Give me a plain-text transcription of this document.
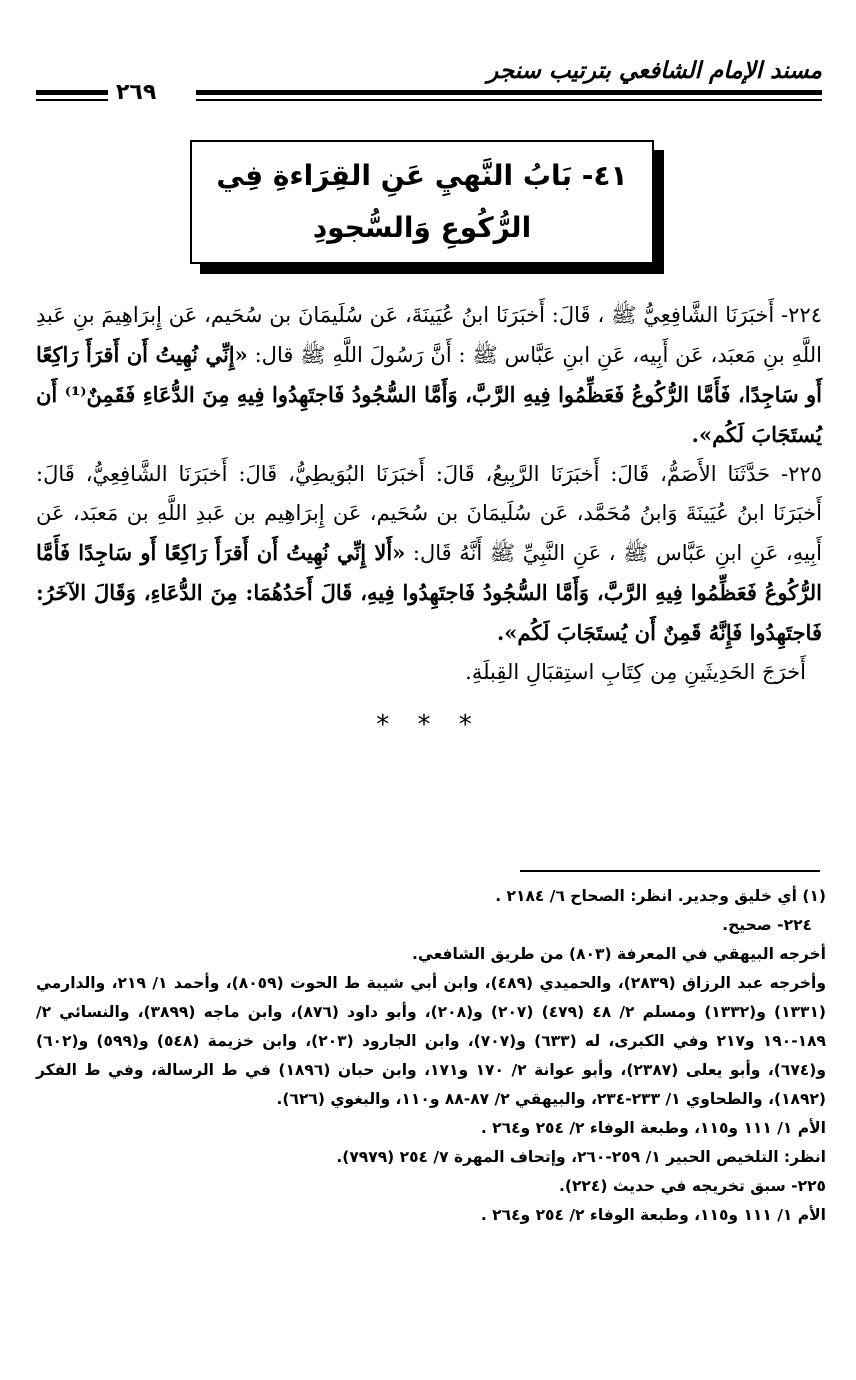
مسند الإمام الشافعي بترتيب سنجر
٢٦٩
٤١- بَابُ النَّهيِ عَنِ القِرَاءةِ فِي الرُّكُوعِ وَالسُّجودِ

٢٢٤- أَخبَرَنَا الشَّافِعِيُّ ﷺ ، قَالَ: أَخبَرَنَا ابنُ عُيَينَةَ، عَن سُلَيمَانَ بن سُحَيم، عَن إِبرَاهِيمَ بنِ عَبدِ اللَّهِ بنِ مَعبَد، عَن أَبِيه، عَنِ ابنِ عَبَّاس ﷺ : أَنَّ رَسُولَ اللَّهِ ﷺ قال: «إِنِّي نُهِيتُ أَن أَقرَأَ رَاكِعًا أَو سَاجِدًا، فَأَمَّا الرُّكُوعُ فَعَظِّمُوا فِيهِ الرَّبَّ، وَأَمَّا السُّجُودُ فَاجتَهِدُوا فِيهِ مِنَ الدُّعَاءِ فَقَمِنٌ⁽¹⁾ أَن يُستَجَابَ لَكُم».

٢٢٥- حَدَّثَنَا الأَصَمُّ، قَالَ: أَخبَرَنَا الرَّبِيعُ، قَالَ: أَخبَرَنَا البُوَيطِيُّ، قَالَ: أَخبَرَنَا الشَّافِعِيُّ، قَالَ: أَخبَرَنَا ابنُ عُيَينَةَ وَابنُ مُحَمَّد، عَن سُلَيمَانَ بن سُحَيم، عَن إِبرَاهِيم بن عَبدِ اللَّهِ بن مَعبَد، عَن أَبِيهِ، عَنِ ابنِ عَبَّاس ﷺ ، عَنِ النَّبِيِّ ﷺ أَنَّهُ قَال: «أَلا إِنِّي نُهِيتُ أَن أَقرَأَ رَاكِعًا أَو سَاجِدًا فَأَمَّا الرُّكُوعُ فَعَظِّمُوا فِيهِ الرَّبَّ، وَأَمَّا السُّجُودُ فَاجتَهِدُوا فِيهِ، قَالَ أَحَدُهُمَا: مِنَ الدُّعَاءِ، وَقَالَ الآخَرُ: فَاجتَهِدُوا فَإِنَّهُ قَمِنٌ أَن يُستَجَابَ لَكُم».

أَخرَجَ الحَدِيثَينِ مِن كِتَابِ استِقبَالِ القِبلَةِ.

* * *

(١) أي خليق وجدير. انظر: الصحاح ٦/ ٢١٨٤ .

٢٢٤- صحيح.

أخرجه البيهقي في المعرفة (٨٠٣) من طريق الشافعي.

وأخرجه عبد الرزاق (٢٨٣٩)، والحميدي (٤٨٩)، وابن أبي شيبة ط الحوت (٨٠٥٩)، وأحمد ١/ ٢١٩، والدارمي (١٣٣١) و(١٣٣٢) ومسلم ٢/ ٤٨ (٤٧٩) (٢٠٧) و(٢٠٨)، وأبو داود (٨٧٦)، وابن ماجه (٣٨٩٩)، والنسائي ٢/ ١٨٩-١٩٠ و٢١٧ وفي الكبرى، له (٦٣٣) و(٧٠٧)، وابن الجارود (٢٠٣)، وابن خزيمة (٥٤٨) و(٥٩٩) و(٦٠٢) و(٦٧٤)، وأبو يعلى (٢٣٨٧)، وأبو عوانة ٢/ ١٧٠ و١٧١، وابن حبان (١٨٩٦) في ط الرسالة، وفي ط الفكر (١٨٩٢)، والطحاوي ١/ ٢٣٣-٢٣٤، والبيهقي ٢/ ٨٧-٨٨ و١١٠، والبغوي (٦٢٦).

الأم ١/ ١١١ و١١٥، وطبعة الوفاء ٢/ ٢٥٤ و٢٦٤ .

انظر: التلخيص الحبير ١/ ٢٥٩-٢٦٠، وإتحاف المهرة ٧/ ٢٥٤ (٧٩٧٩).

٢٢٥- سبق تخريجه في حديث (٢٢٤).

الأم ١/ ١١١ و١١٥، وطبعة الوفاء ٢/ ٢٥٤ و٢٦٤ .
